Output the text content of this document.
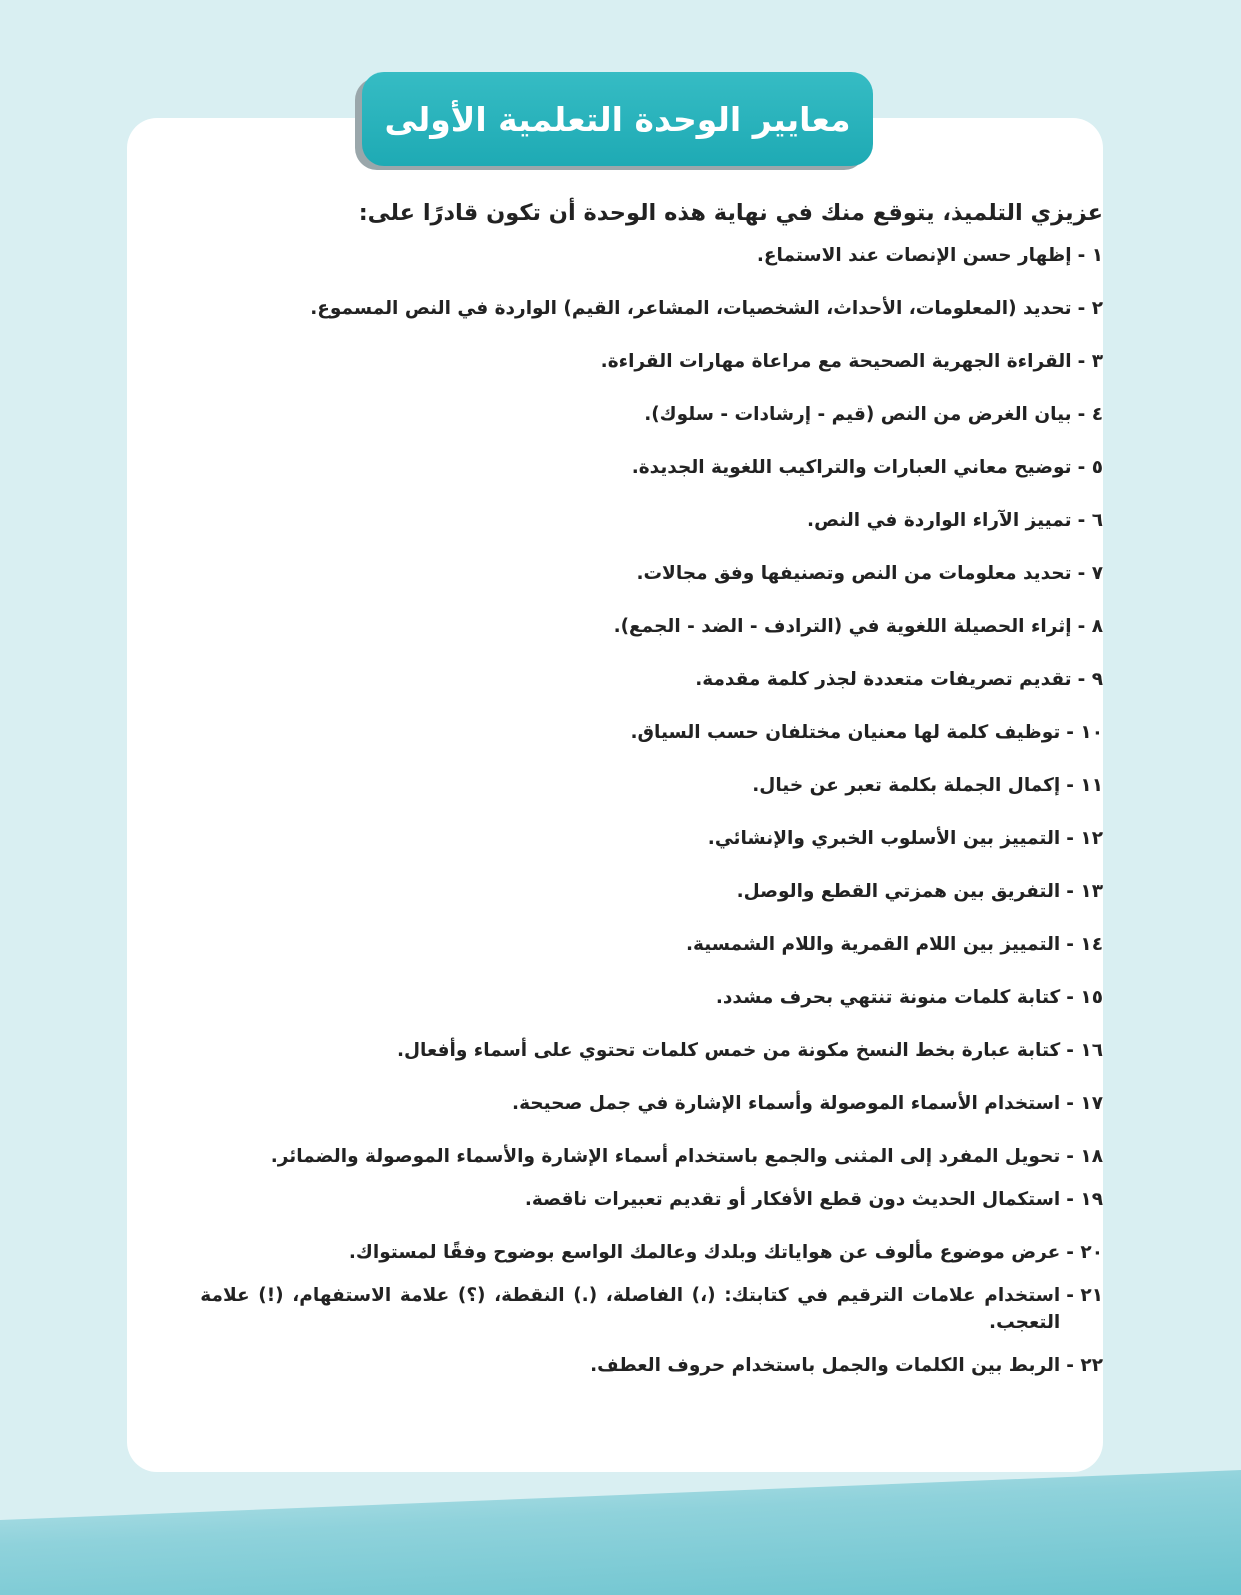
معايير الوحدة التعلمية الأولى

عزيزي التلميذ، يتوقع منك في نهاية هذه الوحدة أن تكون قادرًا على:

١ -
إظهار حسن الإنصات عند الاستماع.
٢ -
تحديد (المعلومات، الأحداث، الشخصيات، المشاعر، القيم) الواردة في النص المسموع.
٣ -
القراءة الجهرية الصحيحة مع مراعاة مهارات القراءة.
٤ -
بيان الغرض من النص (قيم - إرشادات - سلوك).
٥ -
توضيح معاني العبارات والتراكيب اللغوية الجديدة.
٦ -
تمييز الآراء الواردة في النص.
٧ -
تحديد معلومات من النص وتصنيفها وفق مجالات.
٨ -
إثراء الحصيلة اللغوية في (الترادف - الضد - الجمع).
٩ -
تقديم تصريفات متعددة لجذر كلمة مقدمة.
١٠ -
توظيف كلمة لها معنيان مختلفان حسب السياق.
١١ -
إكمال الجملة بكلمة تعبر عن خيال.
١٢ -
التمييز بين الأسلوب الخبري والإنشائي.
١٣ -
التفريق بين همزتي القطع والوصل.
١٤ -
التمييز بين اللام القمرية واللام الشمسية.
١٥ -
كتابة كلمات منونة تنتهي بحرف مشدد.
١٦ -
كتابة عبارة بخط النسخ مكونة من خمس كلمات تحتوي على أسماء وأفعال.
١٧ -
استخدام الأسماء الموصولة وأسماء الإشارة في جمل صحيحة.
١٨ -
تحويل المفرد إلى المثنى والجمع باستخدام أسماء الإشارة والأسماء الموصولة والضمائر.
١٩ -
استكمال الحديث دون قطع الأفكار أو تقديم تعبيرات ناقصة.
٢٠ -
عرض موضوع مألوف عن هواياتك وبلدك وعالمك الواسع بوضوح وفقًا لمستواك.
٢١ -
استخدام علامات الترقيم في كتابتك: (،) الفاصلة، (.) النقطة، (؟) علامة الاستفهام، (!) علامة التعجب.
٢٢ -
الربط بين الكلمات والجمل باستخدام حروف العطف.
